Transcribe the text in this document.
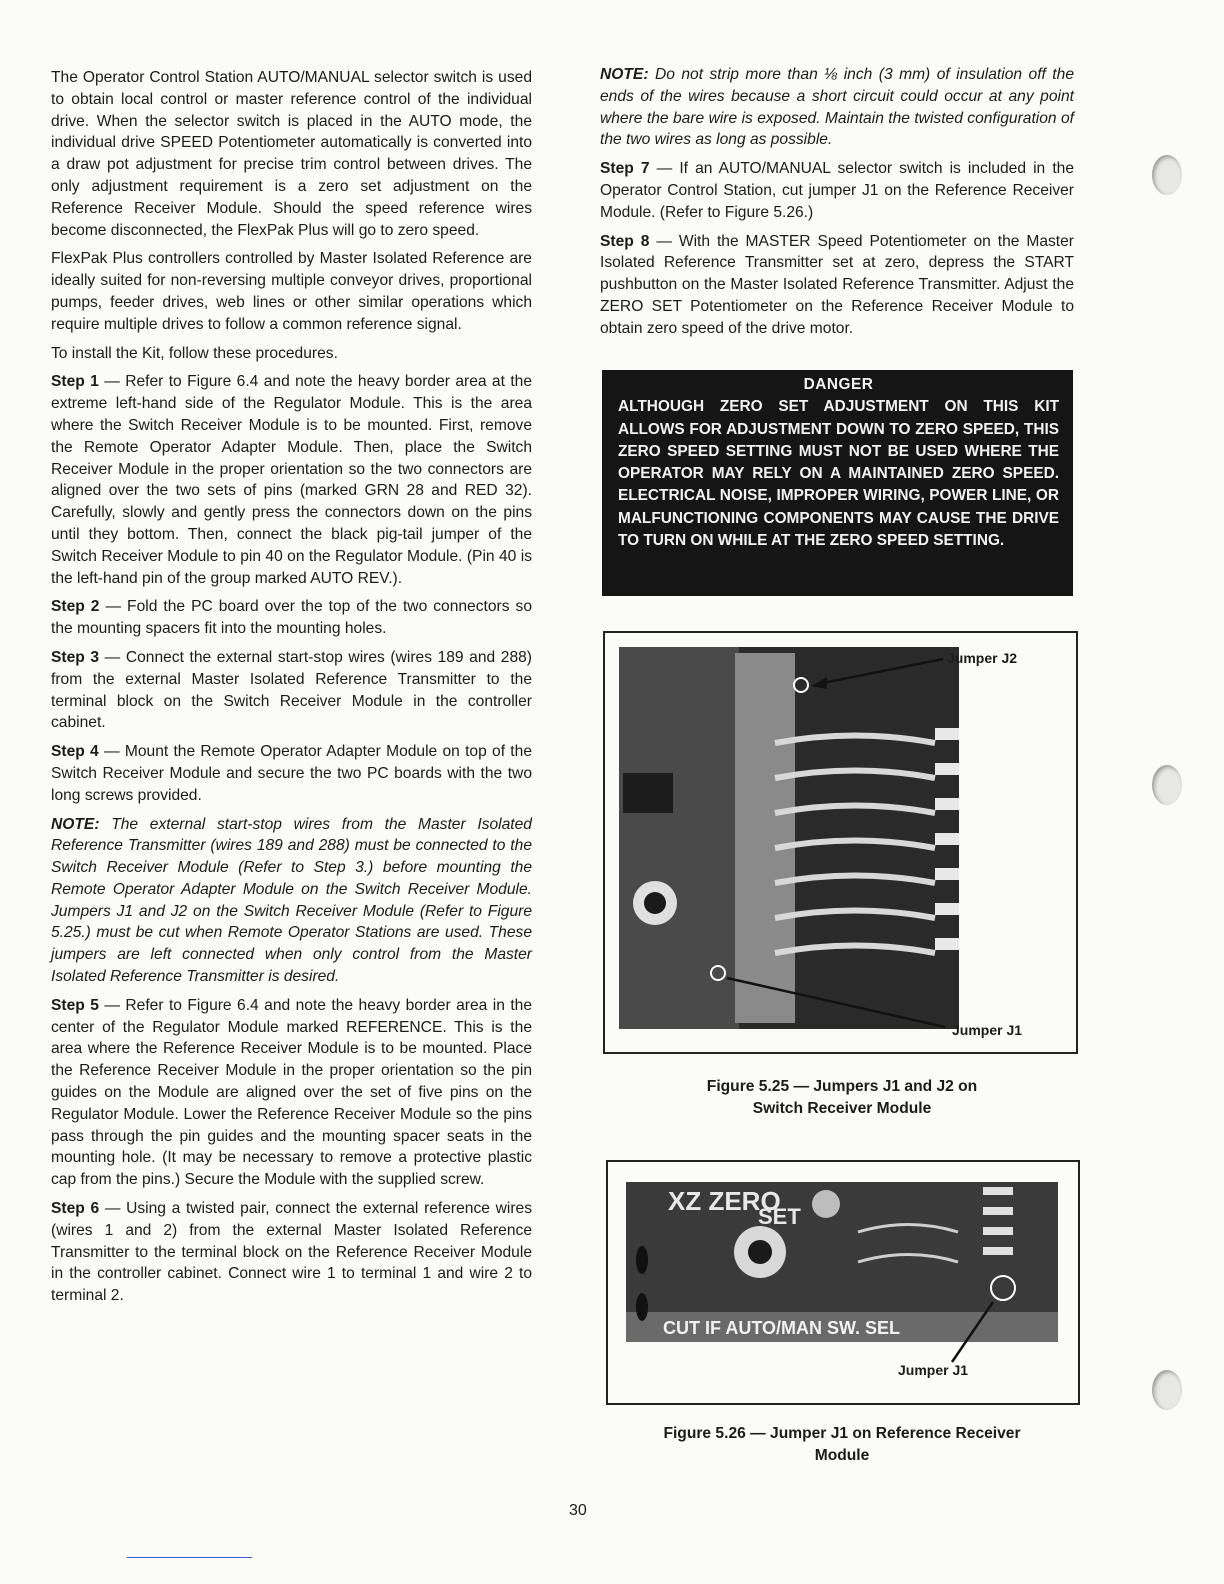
The Operator Control Station AUTO/MANUAL selector switch is used to obtain local control or master reference control of the individual drive. When the selector switch is placed in the AUTO mode, the individual drive SPEED Potentiometer automatically is converted into a draw pot adjustment for precise trim control between drives. The only adjustment requirement is a zero set adjustment on the Reference Receiver Module. Should the speed reference wires become disconnected, the FlexPak Plus will go to zero speed.

FlexPak Plus controllers controlled by Master Isolated Reference are ideally suited for non-reversing multiple conveyor drives, proportional pumps, feeder drives, web lines or other similar operations which require multiple drives to follow a common reference signal.

To install the Kit, follow these procedures.

Step 1 — Refer to Figure 6.4 and note the heavy border area at the extreme left-hand side of the Regulator Module. This is the area where the Switch Receiver Module is to be mounted. First, remove the Remote Operator Adapter Module. Then, place the Switch Receiver Module in the proper orientation so the two connectors are aligned over the two sets of pins (marked GRN 28 and RED 32). Carefully, slowly and gently press the connectors down on the pins until they bottom. Then, connect the black pig-tail jumper of the Switch Receiver Module to pin 40 on the Regulator Module. (Pin 40 is the left-hand pin of the group marked AUTO REV.).

Step 2 — Fold the PC board over the top of the two connectors so the mounting spacers fit into the mounting holes.

Step 3 — Connect the external start-stop wires (wires 189 and 288) from the external Master Isolated Reference Transmitter to the terminal block on the Switch Receiver Module in the controller cabinet.

Step 4 — Mount the Remote Operator Adapter Module on top of the Switch Receiver Module and secure the two PC boards with the two long screws provided.

NOTE: The external start-stop wires from the Master Isolated Reference Transmitter (wires 189 and 288) must be connected to the Switch Receiver Module (Refer to Step 3.) before mounting the Remote Operator Adapter Module on the Switch Receiver Module. Jumpers J1 and J2 on the Switch Receiver Module (Refer to Figure 5.25.) must be cut when Remote Operator Stations are used. These jumpers are left connected when only control from the Master Isolated Reference Transmitter is desired.

Step 5 — Refer to Figure 6.4 and note the heavy border area in the center of the Regulator Module marked REFERENCE. This is the area where the Reference Receiver Module is to be mounted. Place the Reference Receiver Module in the proper orientation so the pin guides on the Module are aligned over the set of five pins on the Regulator Module. Lower the Reference Receiver Module so the pins pass through the pin guides and the mounting spacer seats in the mounting hole. (It may be necessary to remove a protective plastic cap from the pins.) Secure the Module with the supplied screw.

Step 6 — Using a twisted pair, connect the external reference wires (wires 1 and 2) from the external Master Isolated Reference Transmitter to the terminal block on the Reference Receiver Module in the controller cabinet. Connect wire 1 to terminal 1 and wire 2 to terminal 2.

NOTE: Do not strip more than ⅛ inch (3 mm) of insulation off the ends of the wires because a short circuit could occur at any point where the bare wire is exposed. Maintain the twisted configuration of the two wires as long as possible.

Step 7 — If an AUTO/MANUAL selector switch is included in the Operator Control Station, cut jumper J1 on the Reference Receiver Module. (Refer to Figure 5.26.)

Step 8 — With the MASTER Speed Potentiometer on the Master Isolated Reference Transmitter set at zero, depress the START pushbutton on the Master Isolated Reference Transmitter. Adjust the ZERO SET Potentiometer on the Reference Receiver Module to obtain zero speed of the drive motor.

DANGER
ALTHOUGH ZERO SET ADJUSTMENT ON THIS KIT ALLOWS FOR ADJUSTMENT DOWN TO ZERO SPEED, THIS ZERO SPEED SETTING MUST NOT BE USED WHERE THE OPERATOR MAY RELY ON A MAINTAINED ZERO SPEED. ELECTRICAL NOISE, IMPROPER WIRING, POWER LINE, OR MALFUNCTIONING COMPONENTS MAY CAUSE THE DRIVE TO TURN ON WHILE AT THE ZERO SPEED SETTING.
Jumper J2
Jumper J1
Figure 5.25 — Jumpers J1 and J2 on
Switch Receiver Module
XZ ZERO
SET
CUT IF AUTO/MAN SW. SEL
Jumper J1
Figure 5.26 — Jumper J1 on Reference Receiver
Module
30
